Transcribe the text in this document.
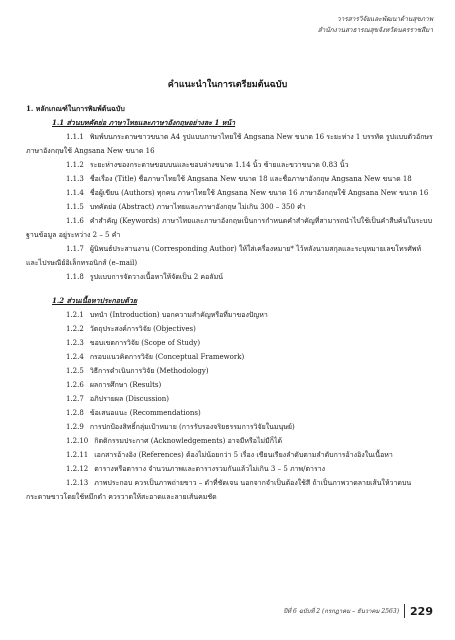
วารสารวิจัยและพัฒนาด้านสุขภาพ
สำนักงานสาธารณสุขจังหวัดนครราชสีมา
คำแนะนำในการเตรียมต้นฉบับ
1. หลักเกณฑ์ในการพิมพ์ต้นฉบับ
1.1 ส่วนบทคัดย่อ ภาษาไทยและภาษาอังกฤษอย่างละ 1 หน้า
1.1.1 พิมพ์บนกระดาษขาวขนาด A4 รูปแบบภาษาไทยใช้ Angsana New ขนาด 16 ระยะห่าง 1 บรรทัด รูปแบบตัวอักษรภาษาอังกฤษใช้ Angsana New ขนาด 16
1.1.2 ระยะห่างของกระดาษขอบบนและขอบล่างขนาด 1.14 นิ้ว ซ้ายและขวาขนาด 0.83 นิ้ว
1.1.3 ชื่อเรื่อง (Title) ชื่อภาษาไทยใช้ Angsana New ขนาด 18 และชื่อภาษาอังกฤษ Angsana New ขนาด 18
1.1.4 ชื่อผู้เขียน (Authors) ทุกคน ภาษาไทยใช้ Angsana New ขนาด 16 ภาษาอังกฤษใช้ Angsana New ขนาด 16
1.1.5 บทคัดย่อ (Abstract) ภาษาไทยและภาษาอังกฤษ ไม่เกิน 300 – 350 คำ
1.1.6 คำสำคัญ (Keywords) ภาษาไทยและภาษาอังกฤษเป็นการกำหนดคำสำคัญที่สามารถนำไปใช้เป็นคำสืบค้นในระบบฐานข้อมูล อยู่ระหว่าง 2 – 5 คำ
1.1.7 ผู้นิพนธ์ประสานงาน (Corresponding Author) ให้ใส่เครื่องหมาย* ไว้หลังนามสกุลและระบุหมายเลขโทรศัพท์และไปรษณีย์อิเล็กทรอนิกส์ (e–mail)
1.1.8 รูปแบบการจัดวางเนื้อหาให้จัดเป็น 2 คอลัมน์
1.2 ส่วนเนื้อหาประกอบด้วย
1.2.1 บทนำ (Introduction) บอกความสำคัญหรือที่มาของปัญหา
1.2.2 วัตถุประสงค์การวิจัย (Objectives)
1.2.3 ขอบเขตการวิจัย (Scope of Study)
1.2.4 กรอบแนวคิดการวิจัย (Conceptual Framework)
1.2.5 วิธีการดำเนินการวิจัย (Methodology)
1.2.6 ผลการศึกษา (Results)
1.2.7 อภิปรายผล (Discussion)
1.2.8 ข้อเสนอแนะ (Recommendations)
1.2.9 การปกป้องสิทธิ์กลุ่มเป้าหมาย (การรับรองจริยธรรมการวิจัยในมนุษย์)
1.2.10 กิตติกรรมประกาศ (Acknowledgements) อาจมีหรือไม่มีก็ได้
1.2.11 เอกสารอ้างอิง (References) ต้องไม่น้อยกว่า 5 เรื่อง เขียนเรียงลำดับตามลำดับการอ้างอิงในเนื้อหา
1.2.12 ตารางหรือตาราง จำนวนภาพและตารางรวมกันแล้วไม่เกิน 3 – 5 ภาพ/ตาราง
1.2.13 ภาพประกอบ ควรเป็นภาพถ่ายขาว – ดำที่ชัดเจน นอกจากจำเป็นต้องใช้สี ถ้าเป็นภาพวาดลายเส้นให้วาดบนกระดาษขาวโดยใช้หมึกดำ ควรวาดให้สะอาดและลายเส้นคมชัด
ปีที่ 6 ฉบับที่ 2 (กรกฎาคม – ธันวาคม 2563) 229
